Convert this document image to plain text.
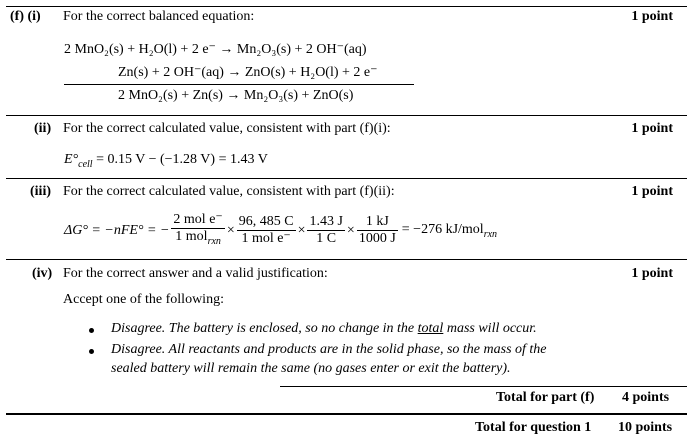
(f) (i) For the correct balanced equation:	1 point
2 MnO₂(s) + H₂O(l) + 2 e⁻ → Mn₂O₃(s) + 2 OH⁻(aq)
Zn(s) + 2 OH⁻(aq) → ZnO(s) + H₂O(l) + 2 e⁻
2 MnO₂(s) + Zn(s) → Mn₂O₃(s) + ZnO(s)
(ii) For the correct calculated value, consistent with part (f)(i):	1 point
$E^\circ_{cell} = 0.15$ V − (−1.28 V) = 1.43 V
(iii) For the correct calculated value, consistent with part (f)(ii):	1 point
ΔG° = −nFE° = − $\frac{\text{2 mol e⁻}}{1 mol_{rxn}} \times \frac{96, 485 C}{\text{1 mol e⁻}} \times \frac{1.43 J}{1 C} \times \frac{1 kJ}{1000 J} = -276$ kJ/mol$_{rxn}$
(iv) For the correct answer and a valid justification:	1 point
Accept one of the following:
Disagree. The battery is enclosed, so no change in the total mass will occur.
Disagree. All reactants and products are in the solid phase, so the mass of the
sealed battery will remain the same (no gases enter or exit the battery).
Total for part (f) 4 points
Total for question 1 10 points
